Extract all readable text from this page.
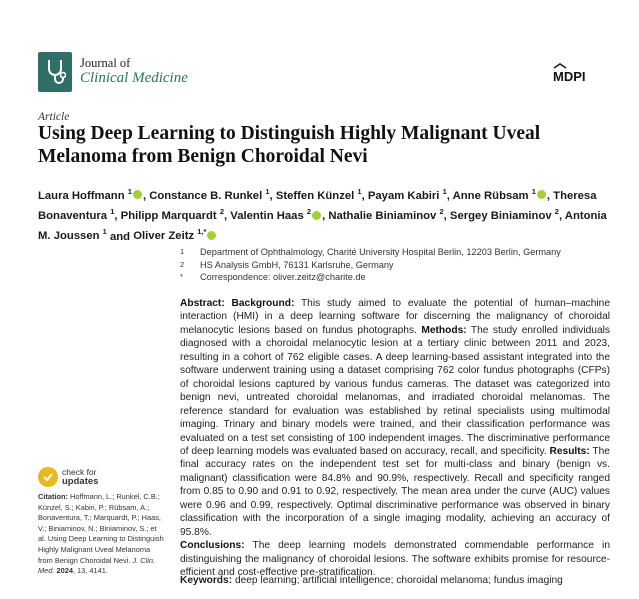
Journal of
Clinical Medicine	MDPI
Article
Using Deep Learning to Distinguish Highly Malignant Uveal Melanoma from Benign Choroidal Nevi
Laura Hoffmann $^1$ , Constance B. Runkel $^1$, Steffen Künzel $^1$, Payam Kabiri $^1$, Anne Rübsam $^1$ , Theresa Bonaventura $^1$, Philipp Marquardt $^2$, Valentin Haas $^2$ , Nathalie Biniaminov $^2$, Sergey Biniaminov $^2$, Antonia M. Joussen $^1$ and Oliver Zeitz $^{1,*}$
1	Department of Ophthalmology, Charité University Hospital Berlin, 12203 Berlin, Germany
2	HS Analysis GmbH, 76131 Karlsruhe, Germany
*	Correspondence: oliver.zeitz@charite.de
Abstract: Background: This study aimed to evaluate the potential of human–machine interaction (HMI) in a deep learning software for discerning the malignancy of choroidal melanocytic lesions based on fundus photographs. Methods: The study enrolled individuals diagnosed with a choroidal melanocytic lesion at a tertiary clinic between 2011 and 2023, resulting in a cohort of 762 eligible cases. A deep learning-based assistant integrated into the software underwent training using a dataset comprising 762 color fundus photographs (CFPs) of choroidal lesions captured by various fundus cameras. The dataset was categorized into benign nevi, untreated choroidal melanomas, and irradiated choroidal melanomas. The reference standard for evaluation was established by retinal specialists using multimodal imaging. Trinary and binary models were trained, and their classification performance was evaluated on a test set consisting of 100 independent images. The discriminative performance of deep learning models was evaluated based on accuracy, recall, and specificity. Results: The final accuracy rates on the independent test set for multi-class and binary (benign vs. malignant) classification were 84.8% and 90.9%, respectively. Recall and specificity ranged from 0.85 to 0.90 and 0.91 to 0.92, respectively. The mean area under the curve (AUC) values were 0.96 and 0.99, respectively. Optimal discriminative performance was observed in binary classification with the incorporation of a single imaging modality, achieving an accuracy of 95.8%.
Conclusions: The deep learning models demonstrated commendable performance in distinguishing the malignancy of choroidal lesions. The software exhibits promise for resource-efficient and cost-effective pre-stratification.
Keywords: deep learning; artificial intelligence; choroidal melanoma; fundus imaging
check for
updates
Citation: Hoffmann, L.; Runkel, C.B.; Künzel, S.; Kabiri, P.; Rübsam, A.; Bonaventura, T.; Marquardt, P.; Haas, V.; Biniaminov, N.; Biniaminov, S.; et al. Using Deep Learning to Distinguish Highly Malignant Uveal Melanoma from Benign Choroidal Nevi. J. Clin. Med. 2024, 13, 4141.
